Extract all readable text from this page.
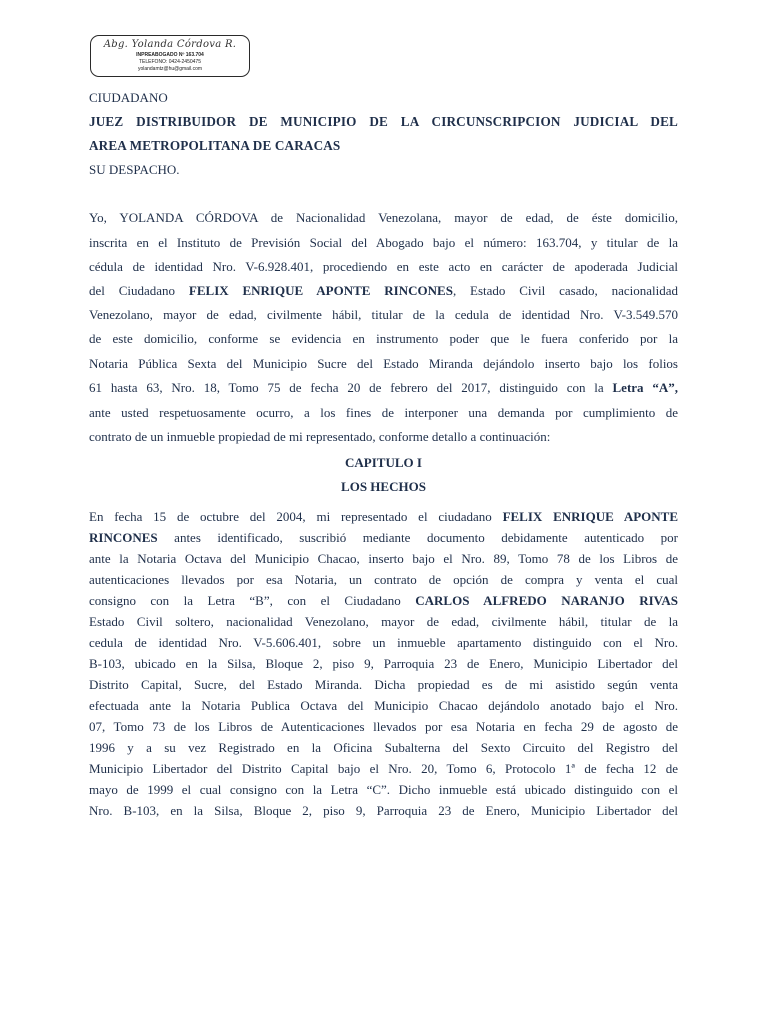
Abg. Yolanda Córdova R.
INPREABOGADO Nº 163.704
TELEFONO: 0424-2450475
yolandamtz@hu@gmail.com
CIUDADANO
JUEZ DISTRIBUIDOR DE MUNICIPIO DE LA CIRCUNSCRIPCION JUDICIAL DEL
AREA METROPOLITANA DE CARACAS
SU DESPACHO.
Yo, YOLANDA CÓRDOVA de Nacionalidad Venezolana, mayor de edad, de éste domicilio,
inscrita en el Instituto de Previsión Social del Abogado bajo el número: 163.704, y titular de la
cédula de identidad Nro. V-6.928.401, procediendo en este acto en carácter de apoderada Judicial
del Ciudadano FELIX ENRIQUE APONTE RINCONES, Estado Civil casado, nacionalidad
Venezolano, mayor de edad, civilmente hábil, titular de la cedula de identidad Nro. V-3.549.570
de este domicilio, conforme se evidencia en instrumento poder que le fuera conferido por la
Notaria Pública Sexta del Municipio Sucre del Estado Miranda dejándolo inserto bajo los folios
61 hasta 63, Nro. 18, Tomo 75 de fecha 20 de febrero del 2017, distinguido con la Letra “A”,
ante usted respetuosamente ocurro, a los fines de interponer una demanda por cumplimiento de
contrato de un inmueble propiedad de mi representado, conforme detallo a continuación:
CAPITULO I
LOS HECHOS
En fecha 15 de octubre del 2004, mi representado el ciudadano FELIX ENRIQUE APONTE
RINCONES antes identificado, suscribió mediante documento debidamente autenticado por
ante la Notaria Octava del Municipio Chacao, inserto bajo el Nro. 89, Tomo 78 de los Libros de
autenticaciones llevados por esa Notaria, un contrato de opción de compra y venta el cual
consigno con la Letra “B”, con el Ciudadano CARLOS ALFREDO NARANJO RIVAS
Estado Civil soltero, nacionalidad Venezolano, mayor de edad, civilmente hábil, titular de la
cedula de identidad Nro. V-5.606.401, sobre un inmueble apartamento distinguido con el Nro.
B-103, ubicado en la Silsa, Bloque 2, piso 9, Parroquia 23 de Enero, Municipio Libertador del
Distrito Capital, Sucre, del Estado Miranda. Dicha propiedad es de mi asistido según venta
efectuada ante la Notaria Publica Octava del Municipio Chacao dejándolo anotado bajo el Nro.
07, Tomo 73 de los Libros de Autenticaciones llevados por esa Notaria en fecha 29 de agosto de
1996 y a su vez Registrado en la Oficina Subalterna del Sexto Circuito del Registro del
Municipio Libertador del Distrito Capital bajo el Nro. 20, Tomo 6, Protocolo 1ª de fecha 12 de
mayo de 1999 el cual consigno con la Letra “C”. Dicho inmueble está ubicado distinguido con el
Nro. B-103, en la Silsa, Bloque 2, piso 9, Parroquia 23 de Enero, Municipio Libertador del
